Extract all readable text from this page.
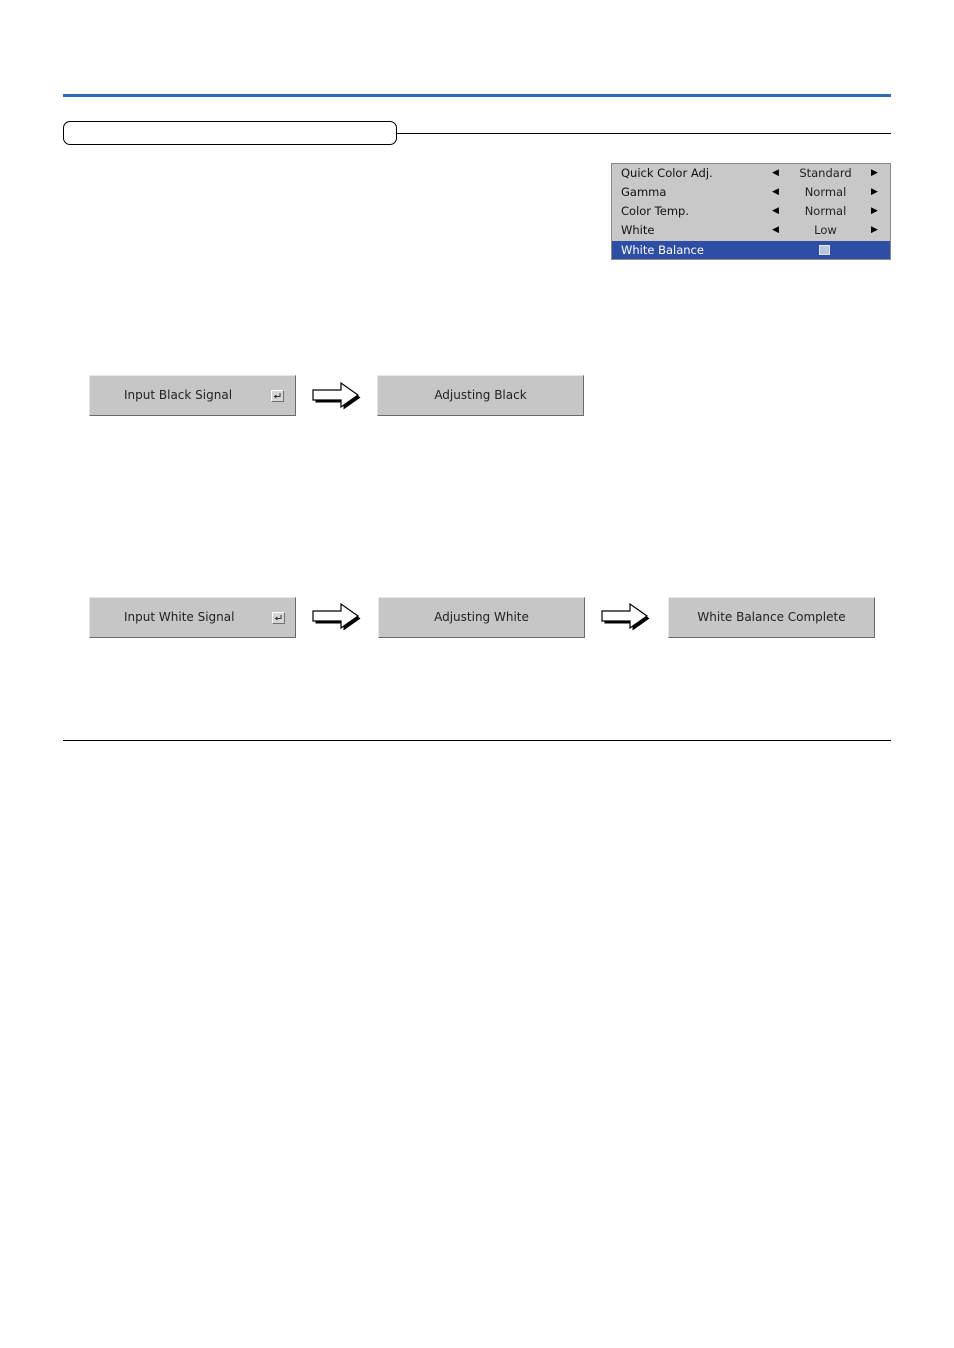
Quick Color Adj.	◀	Standard	▶
Gamma	◀	Normal	▶
Color Temp.	◀	Normal	▶
White	◀	Low	▶
White Balance
Input Black Signal	Adjusting Black
Input White Signal	Adjusting White	White Balance Complete
